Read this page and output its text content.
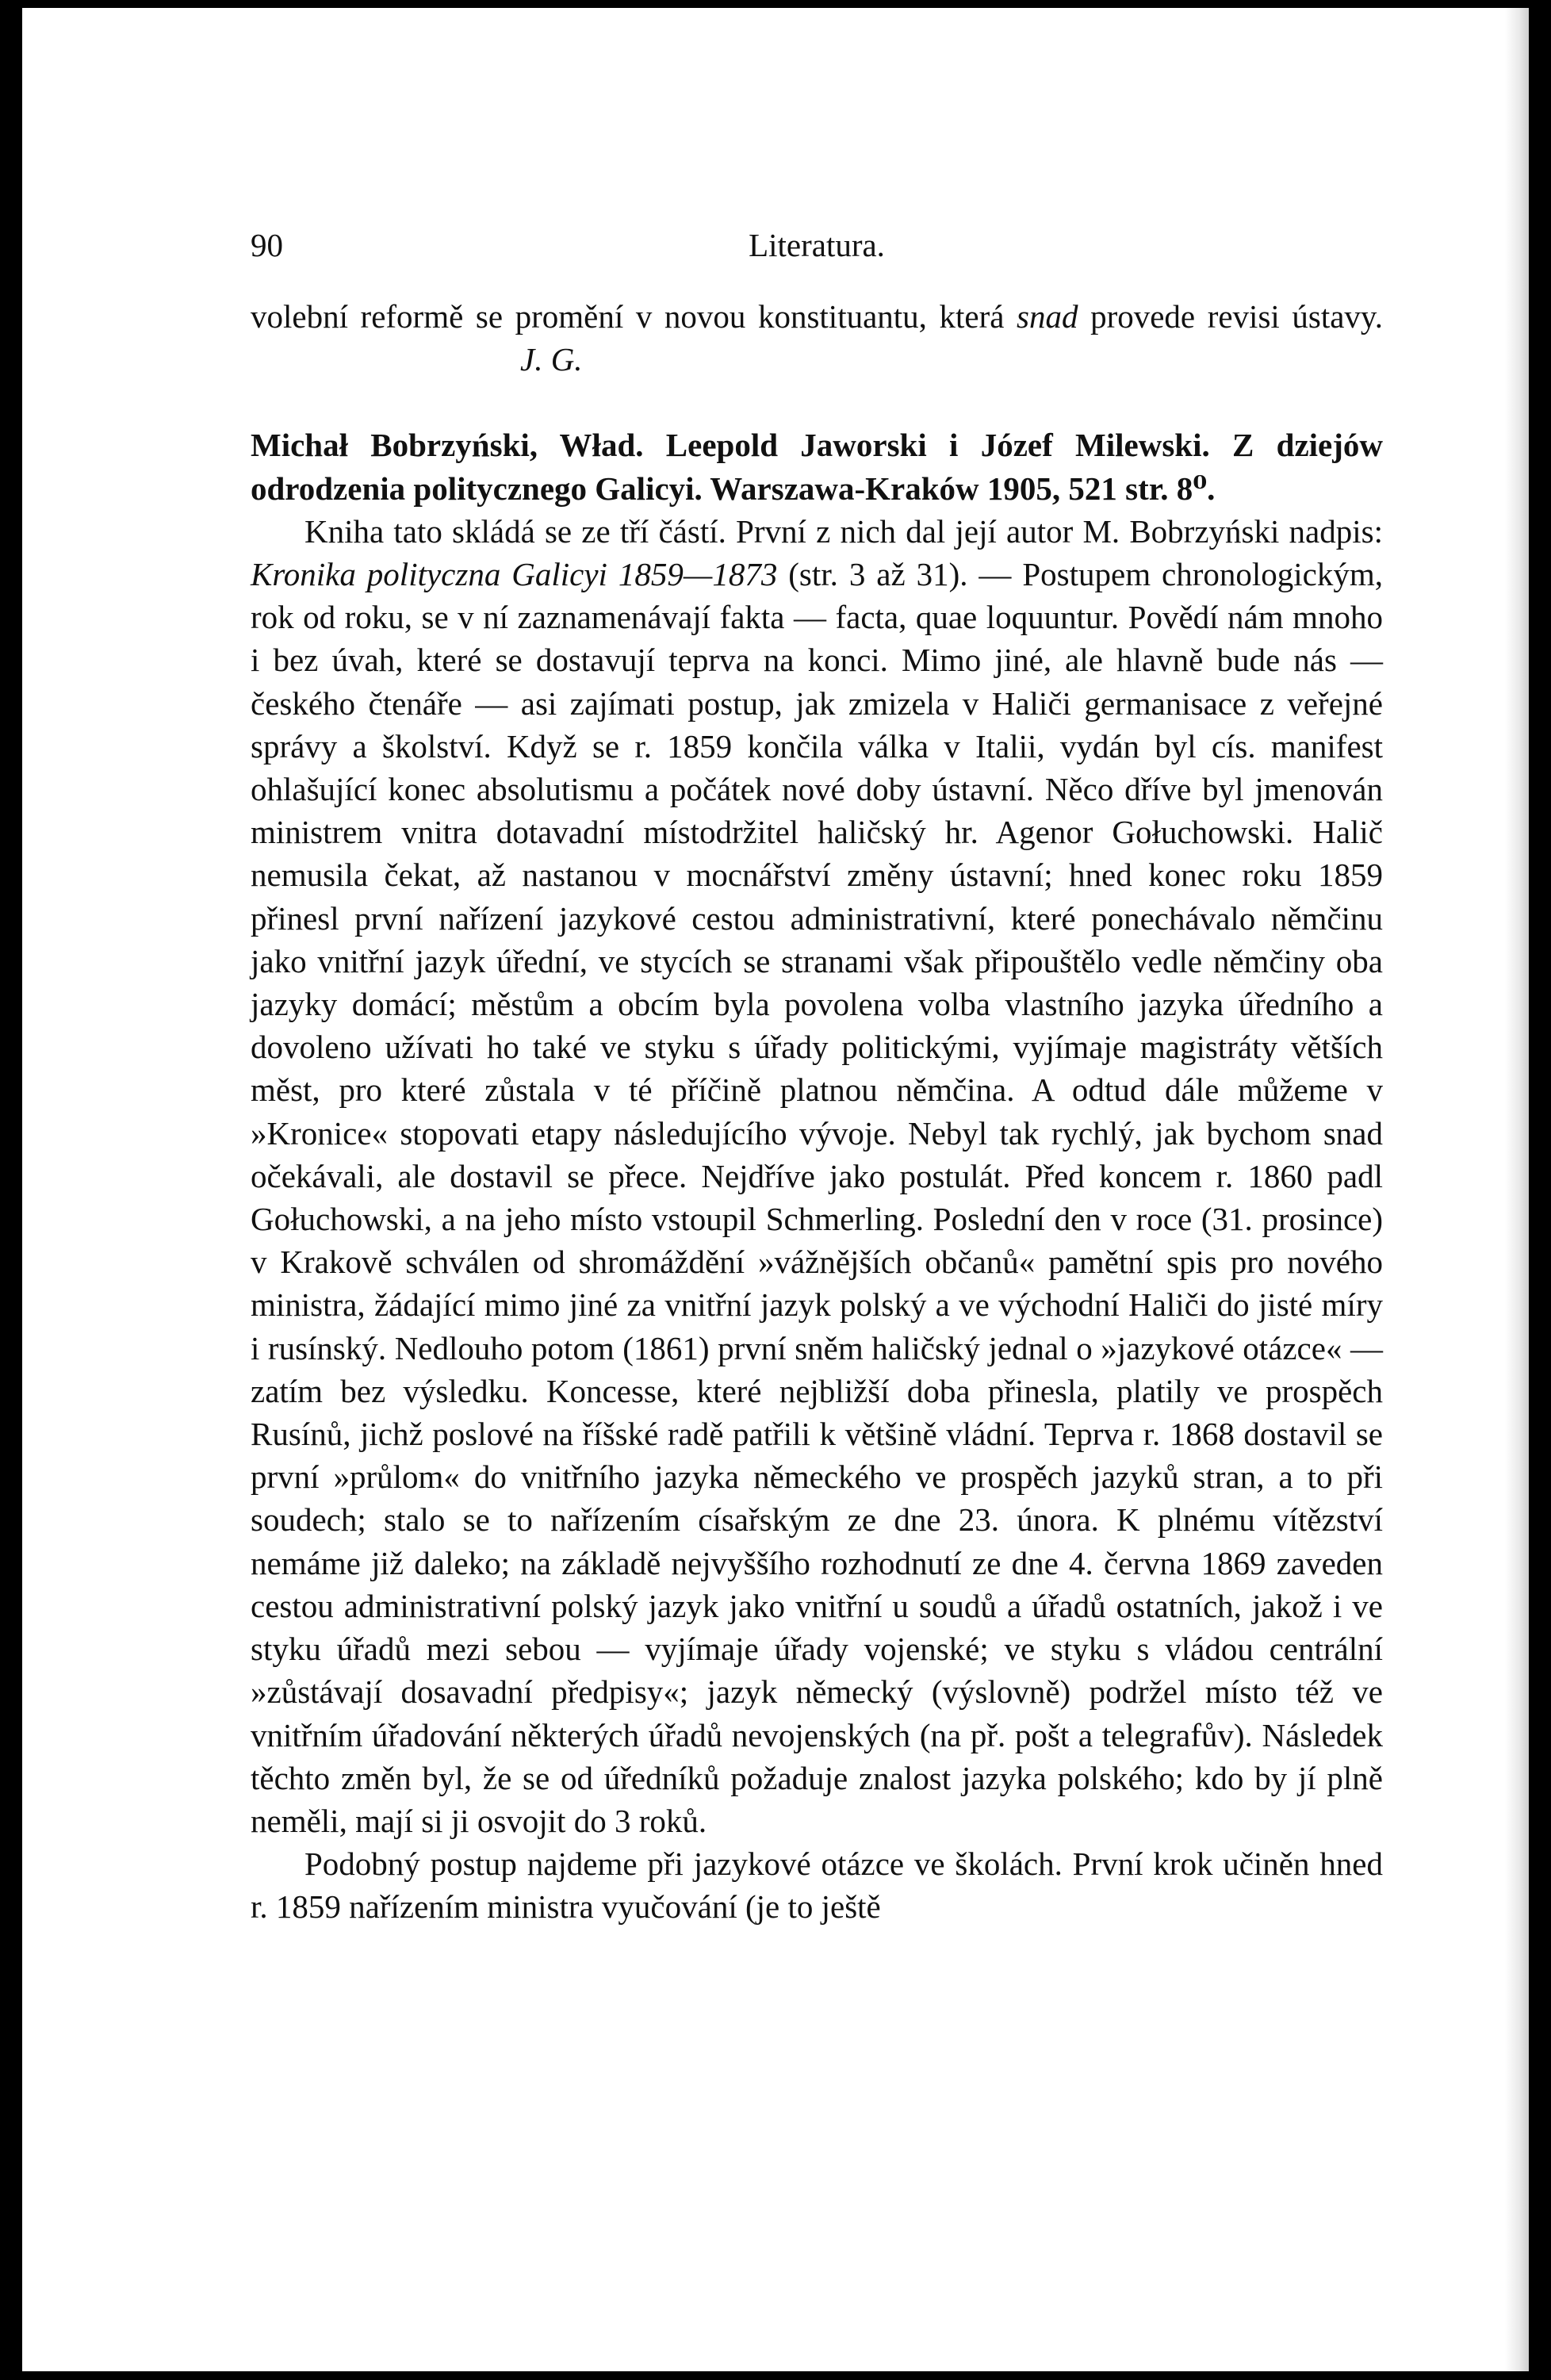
90	Literatura.

volební reformě se promění v novou konstituantu, která snad provede revisi ústavy.J. G.

Michał Bobrzyński, Wład. Leepold Jaworski i Józef Milewski. Z dziejów odrodzenia politycznego Galicyi. Warszawa-Kraków 1905, 521 str. 8⁰.

Kniha tato skládá se ze tří částí. První z nich dal její autor M. Bobrzyński nadpis: Kronika polityczna Galicyi 1859—1873 (str. 3 až 31). — Postupem chronologickým, rok od roku, se v ní zaznamenávají fakta — facta, quae loquuntur. Povědí nám mnoho i bez úvah, které se dostavují teprva na konci. Mimo jiné, ale hlavně bude nás — českého čtenáře — asi zajímati postup, jak zmizela v Haliči germanisace z veřejné správy a školství. Když se r. 1859 končila válka v Italii, vydán byl cís. manifest ohlašující konec absolutismu a počátek nové doby ústavní. Něco dříve byl jmenován ministrem vnitra dotavadní místodržitel haličský hr. Agenor Gołuchowski. Halič nemusila čekat, až nastanou v mocnářství změny ústavní; hned konec roku 1859 přinesl první nařízení jazykové cestou administrativní, které ponechávalo němčinu jako vnitřní jazyk úřední, ve stycích se stranami však připouštělo vedle němčiny oba jazyky domácí; městům a obcím byla povolena volba vlastního jazyka úředního a dovoleno užívati ho také ve styku s úřady politickými, vyjímaje magistráty větších měst, pro které zůstala v té příčině platnou němčina. A odtud dále můžeme v »Kronice« stopovati etapy následujícího vývoje. Nebyl tak rychlý, jak bychom snad očekávali, ale dostavil se přece. Nejdříve jako postulát. Před koncem r. 1860 padl Gołuchowski, a na jeho místo vstoupil Schmerling. Poslední den v roce (31. prosince) v Krakově schválen od shromáždění »vážnějších občanů« pamětní spis pro nového ministra, žádající mimo jiné za vnitřní jazyk polský a ve východní Haliči do jisté míry i rusínský. Nedlouho potom (1861) první sněm haličský jednal o »jazykové otázce« — zatím bez výsledku. Koncesse, které nejbližší doba přinesla, platily ve prospěch Rusínů, jichž poslové na říšské radě patřili k většině vládní. Teprva r. 1868 dostavil se první »průlom« do vnitřního jazyka německého ve prospěch jazyků stran, a to při soudech; stalo se to nařízením císařským ze dne 23. února. K plnému vítězství nemáme již daleko; na základě nejvyššího rozhodnutí ze dne 4. června 1869 zaveden cestou administrativní polský jazyk jako vnitřní u soudů a úřadů ostatních, jakož i ve styku úřadů mezi sebou — vyjímaje úřady vojenské; ve styku s vládou centrální »zůstávají dosavadní předpisy«; jazyk německý (výslovně) podržel místo též ve vnitřním úřadování některých úřadů nevojenských (na př. pošt a telegrafův). Následek těchto změn byl, že se od úředníků požaduje znalost jazyka polského; kdo by jí plně neměli, mají si ji osvojit do 3 roků.

Podobný postup najdeme při jazykové otázce ve školách. První krok učiněn hned r. 1859 nařízením ministra vyučování (je to ještě
